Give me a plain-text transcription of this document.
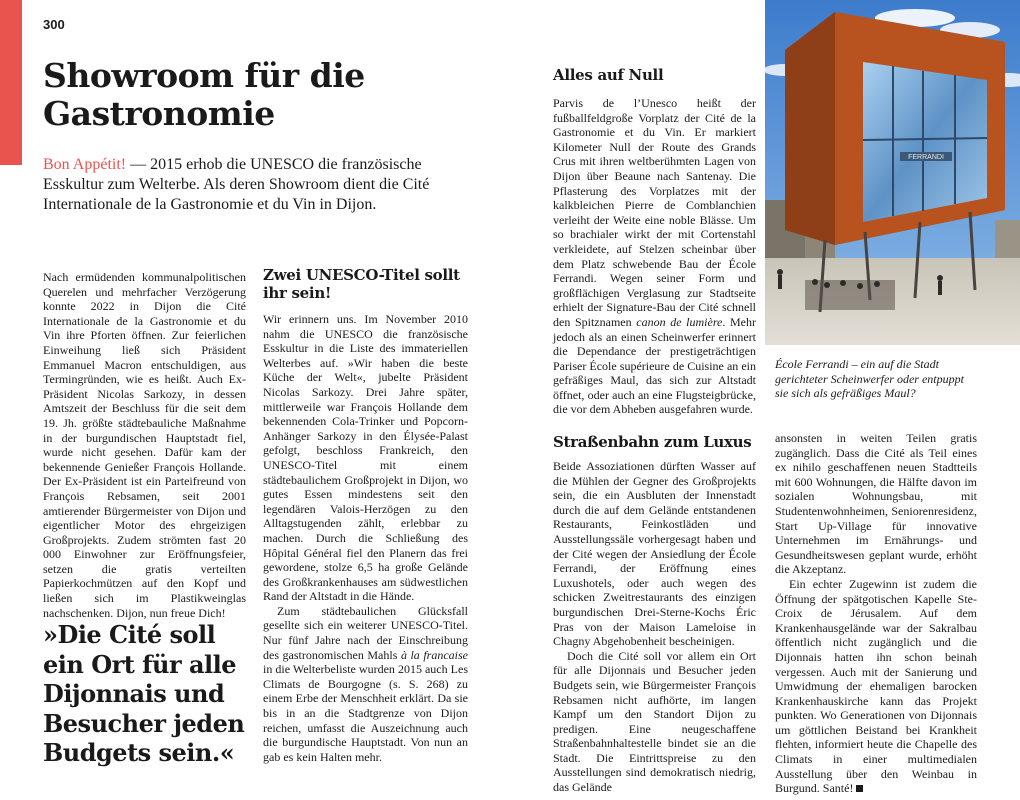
300
Showroom für die Gastronomie

Bon Appétit! — 2015 erhob die UNESCO die französische Esskultur zum Welterbe. Als deren Showroom dient die Cité Internationale de la Gastronomie et du Vin in Dijon.

Nach ermüdenden kommunalpolitischen Querelen und mehrfacher Verzögerung konnte 2022 in Dijon die Cité Internationale de la Gastronomie et du Vin ihre Pforten öffnen. Zur feierlichen Einweihung ließ sich Präsident Emmanuel Macron entschuldigen, aus Termingründen, wie es heißt. Auch Ex-Präsident Nicolas Sarkozy, in dessen Amtszeit der Beschluss für die seit dem 19. Jh. größte städtebauliche Maßnahme in der burgundischen Hauptstadt fiel, wurde nicht gesehen. Dafür kam der bekennende Genießer François Hollande. Der Ex-Präsident ist ein Parteifreund von François Rebsamen, seit 2001 amtierender Bürgermeister von Dijon und eigentlicher Motor des ehrgeizigen Großprojekts. Zudem strömten fast 20 000 Einwohner zur Eröffnungsfeier, setzen die gratis verteilten Papierkochmützen auf den Kopf und ließen sich im Plastikweinglas nachschenken. Dijon, nun freue Dich!

»Die Cité soll ein Ort für alle Dijonnais und Besucher jeden Budgets sein.«
Zwei UNESCO-Titel sollt ihr sein!

Wir erinnern uns. Im November 2010 nahm die UNESCO die französische Esskultur in die Liste des immateriellen Welterbes auf. »Wir haben die beste Küche der Welt«, jubelte Präsident Nicolas Sarkozy. Drei Jahre später, mittlerweile war François Hollande dem bekennenden Cola-Trinker und Popcorn-Anhänger Sarkozy in den Élysée-Palast gefolgt, beschloss Frankreich, den UNESCO-Titel mit einem städtebaulichem Großprojekt in Dijon, wo gutes Essen mindestens seit den legendären Valois-Herzögen zu den Alltagstugenden zählt, erlebbar zu machen. Durch die Schließung des Hôpital Général fiel den Planern das frei gewordene, stolze 6,5 ha große Gelände des Großkrankenhauses am südwestlichen Rand der Altstadt in die Hände.

Zum städtebaulichen Glücksfall gesellte sich ein weiterer UNESCO-Titel. Nur fünf Jahre nach der Einschreibung des gastronomischen Mahls à la francaise in die Welterbeliste wurden 2015 auch Les Climats de Bourgogne (s. S. 268) zu einem Erbe der Menschheit erklärt. Da sie bis in an die Stadtgrenze von Dijon reichen, umfasst die Auszeichnung auch die burgundische Hauptstadt. Von nun an gab es kein Halten mehr.

Alles auf Null

Parvis de l’Unesco heißt der fußballfeldgroße Vorplatz der Cité de la Gastronomie et du Vin. Er markiert Kilometer Null der Route des Grands Crus mit ihren weltberühmten Lagen von Dijon über Beaune nach Santenay. Die Pflasterung des Vorplatzes mit der kalkbleichen Pierre de Comblanchien verleiht der Weite eine noble Blässe. Um so brachialer wirkt der mit Cortenstahl verkleidete, auf Stelzen scheinbar über dem Platz schwebende Bau der École Ferrandi. Wegen seiner Form und großflächigen Verglasung zur Stadtseite erhielt der Signature-Bau der Cité schnell den Spitznamen canon de lumière. Mehr jedoch als an einen Scheinwerfer erinnert die Dependance der prestigeträchtigen Pariser École supérieure de Cuisine an ein gefräßiges Maul, das sich zur Altstadt öffnet, oder auch an eine Flugsteigbrücke, die vor dem Abheben ausgefahren wurde.

Straßenbahn zum Luxus

Beide Assoziationen dürften Wasser auf die Mühlen der Gegner des Großprojekts sein, die ein Ausbluten der Innenstadt durch die auf dem Gelände entstandenen Restaurants, Feinkostläden und Ausstellungssäle vorhergesagt haben und der Cité wegen der Ansiedlung der École Ferrandi, der Eröffnung eines Luxushotels, oder auch wegen des schicken Zweitrestaurants des einzigen burgundischen Drei-Sterne-Kochs Éric Pras von der Maison Lameloise in Chagny Abgehobenheit bescheinigen.

Doch die Cité soll vor allem ein Ort für alle Dijonnais und Besucher jeden Budgets sein, wie Bürgermeister François Rebsamen nicht aufhörte, im langen Kampf um den Standort Dijon zu predigen. Eine neugeschaffene Straßenbahnhaltestelle bindet sie an die Stadt. Die Eintrittspreise zu den Ausstellungen sind demokratisch niedrig, das Gelände

FERRANDI

École Ferrandi – ein auf die Stadt gerichteter Scheinwerfer oder entpuppt sie sich als gefräßiges Maul?

ansonsten in weiten Teilen gratis zugänglich. Dass die Cité als Teil eines ex nihilo geschaffenen neuen Stadtteils mit 600 Wohnungen, die Hälfte davon im sozialen Wohnungsbau, mit Studentenwohnheimen, Seniorenresidenz, Start Up-Village für innovative Unternehmen im Ernährungs- und Gesundheitswesen geplant wurde, erhöht die Akzeptanz.

Ein echter Zugewinn ist zudem die Öffnung der spätgotischen Kapelle Ste-Croix de Jérusalem. Auf dem Krankenhausgelände war der Sakralbau öffentlich nicht zugänglich und die Dijonnais hatten ihn schon beinah vergessen. Auch mit der Sanierung und Umwidmung der ehemaligen barocken Krankenhauskirche kann das Projekt punkten. Wo Generationen von Dijonnais um göttlichen Beistand bei Krankheit flehten, informiert heute die Chapelle des Climats in einer multimedialen Ausstellung über den Weinbau in Burgund. Santé!
